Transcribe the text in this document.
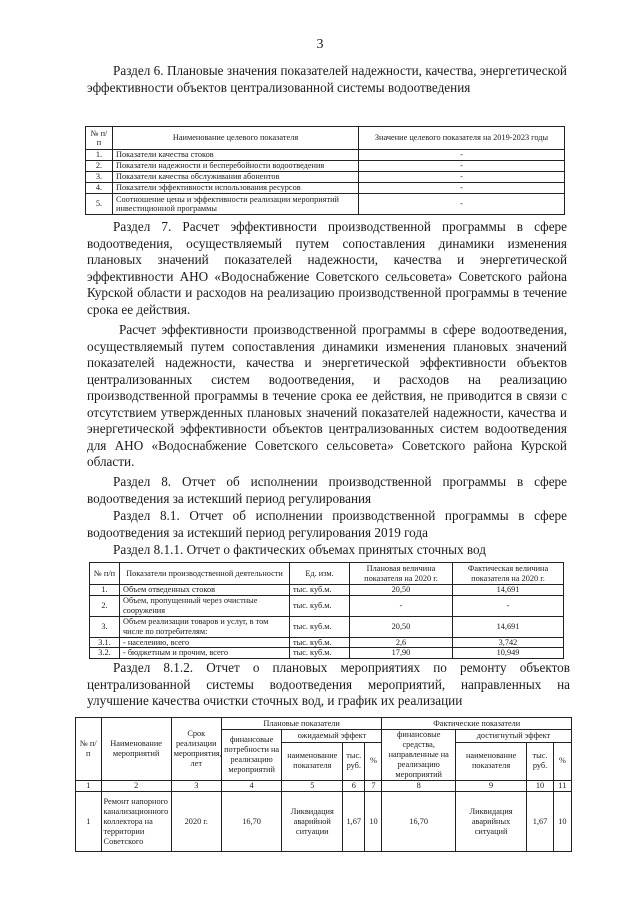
3
Раздел 6. Плановые значения показателей надежности, качества, энергетической эффективности объектов централизованной системы водоотведения
№ п/п	Наименование целевого показателя	Значение целевого показателя на 2019-2023 годы
1.	Показатели качества стоков	-
2.	Показатели надежности и бесперебойности водоотведения	-
3.	Показатели качества обслуживания абонентов	-
4.	Показатели эффективности использования ресурсов	-
5.	Соотношение цены и эффективности реализации мероприятий инвестиционной программы	-
Раздел 7. Расчет эффективности производственной программы в сфере водоотведения, осуществляемый путем сопоставления динамики изменения плановых значений показателей надежности, качества и энергетической эффективности АНО «Водоснабжение Советского сельсовета» Советского района Курской области и расходов на реализацию производственной программы в течение срока ее действия.
Расчет эффективности производственной программы в сфере водоотведения, осуществляемый путем сопоставления динамики изменения плановых значений показателей надежности, качества и энергетической эффективности объектов централизованных систем водоотведения, и расходов на реализацию производственной программы в течение срока ее действия, не приводится в связи с отсутствием утвержденных плановых значений показателей надежности, качества и энергетической эффективности объектов централизованных систем водоотведения для АНО «Водоснабжение Советского сельсовета» Советского района Курской области.
Раздел 8. Отчет об исполнении производственной программы в сфере водоотведения за истекший период регулирования
Раздел 8.1. Отчет об исполнении производственной программы в сфере водоотведения за истекший период регулирования 2019 года
Раздел 8.1.1. Отчет о фактических объемах принятых сточных вод
№ п/п	Показатели производственной деятельности	Ед. изм.	Плановая величина показателя на 2020 г.	Фактическая величина показателя на 2020 г.
1.	Объем отведенных стоков	тыс. куб.м.	20,50	14,691
2.	Объем, пропущенный через очистные сооружения	тыс. куб.м.	-	-
3.	Объем реализации товаров и услуг, в том числе по потребителям:	тыс. куб.м.	20,50	14,691
3.1.	- населению, всего	тыс. куб.м.	2,6	3,742
3.2.	- бюджетным и прочим, всего	тыс. куб.м.	17,90	10,949
Раздел 8.1.2. Отчет о плановых мероприятиях по ремонту объектов централизованной системы водоотведения мероприятий, направленных на улучшение качества очистки сточных вод, и график их реализации
№ п/п	Наименование мероприятий	Срок реализации мероприятия, лет	Плановые показатели				Фактические показатели			
			финансовые потребности на реализацию мероприятий	ожидаемый эффект			финансовые средства, направленные на реализацию мероприятий	достигнутый эффект		
				наименование показателя	тыс. руб.	%		наименование показателя	тыс. руб.	%
1	2	3	4	5	6	7	8	9	10	11
1	Ремонт напорного канализационного коллектора на территории Советского	2020 г.	16,70	Ликвидация аварийной ситуации	1,67	10	16,70	Ликвидация аварийных ситуаций	1,67	10
